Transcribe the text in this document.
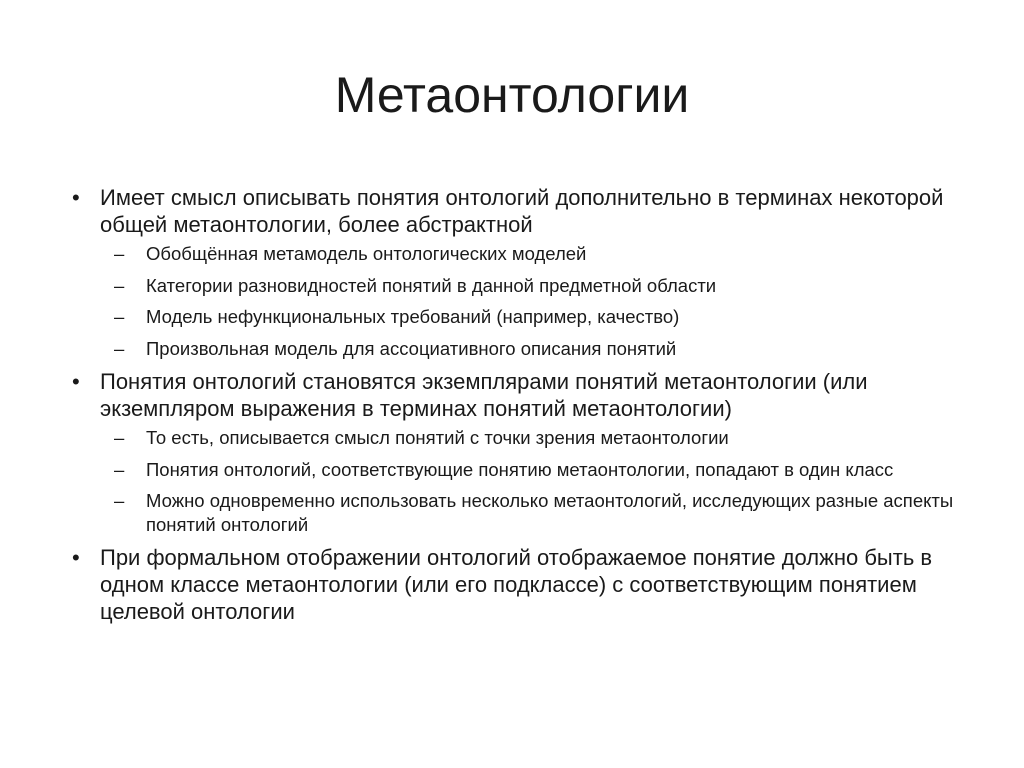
Метаонтологии
• Имеет смысл описывать понятия онтологий дополнительно в терминах некоторой общей метаонтологии, более абстрактной
– Обобщённая метамодель онтологических моделей
– Категории разновидностей понятий в данной предметной области
– Модель нефункциональных требований (например, качество)
– Произвольная модель для ассоциативного описания понятий
• Понятия онтологий становятся экземплярами понятий метаонтологии (или экземпляром выражения в терминах понятий метаонтологии)
– То есть, описывается смысл понятий с точки зрения метаонтологии
– Понятия онтологий, соответствующие понятию метаонтологии, попадают в один класс
– Можно одновременно использовать несколько метаонтологий, исследующих разные аспекты понятий онтологий
• При формальном отображении онтологий отображаемое понятие должно быть в одном классе метаонтологии (или его подклассе) с соответствующим понятием целевой онтологии
